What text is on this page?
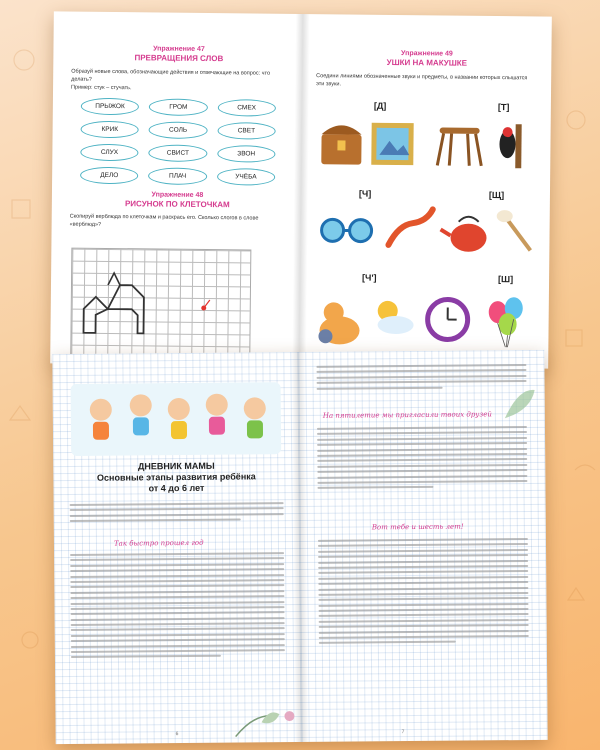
Упражнение 47
ПРЕВРАЩЕНИЯ СЛОВ

Образуй новые слова, обозначающие действия и отвечающие на вопрос: что делать?

Пример: стук – стучать.

ПРЫЖОК	ГРОМ	СМЕХ
КРИК	СОЛЬ	СВЕТ
СЛУХ	СВИСТ	ЗВОН
ДЕЛО	ПЛАЧ	УЧЁБА
Упражнение 48
РИСУНОК ПО КЛЕТОЧКАМ

Скопируй верблюда по клеточкам и раскрась его. Сколько слогов в слове «верблюд»?

Упражнение 49
УШКИ НА МАКУШКЕ

Соедини линиями обозначенные звуки и предметы, в названии которых слышатся эти звуки.

[Д]	[Т]
[Ч]	[Щ]
[Ч']	[Ш]
ДНЕВНИК МАМЫ
Основные этапы развития ребёнка
от 4 до 6 лет
Так быстро прошел год
6
На пятилетие мы пригласили твоих друзей
Вот тебе и шесть лет!
7
